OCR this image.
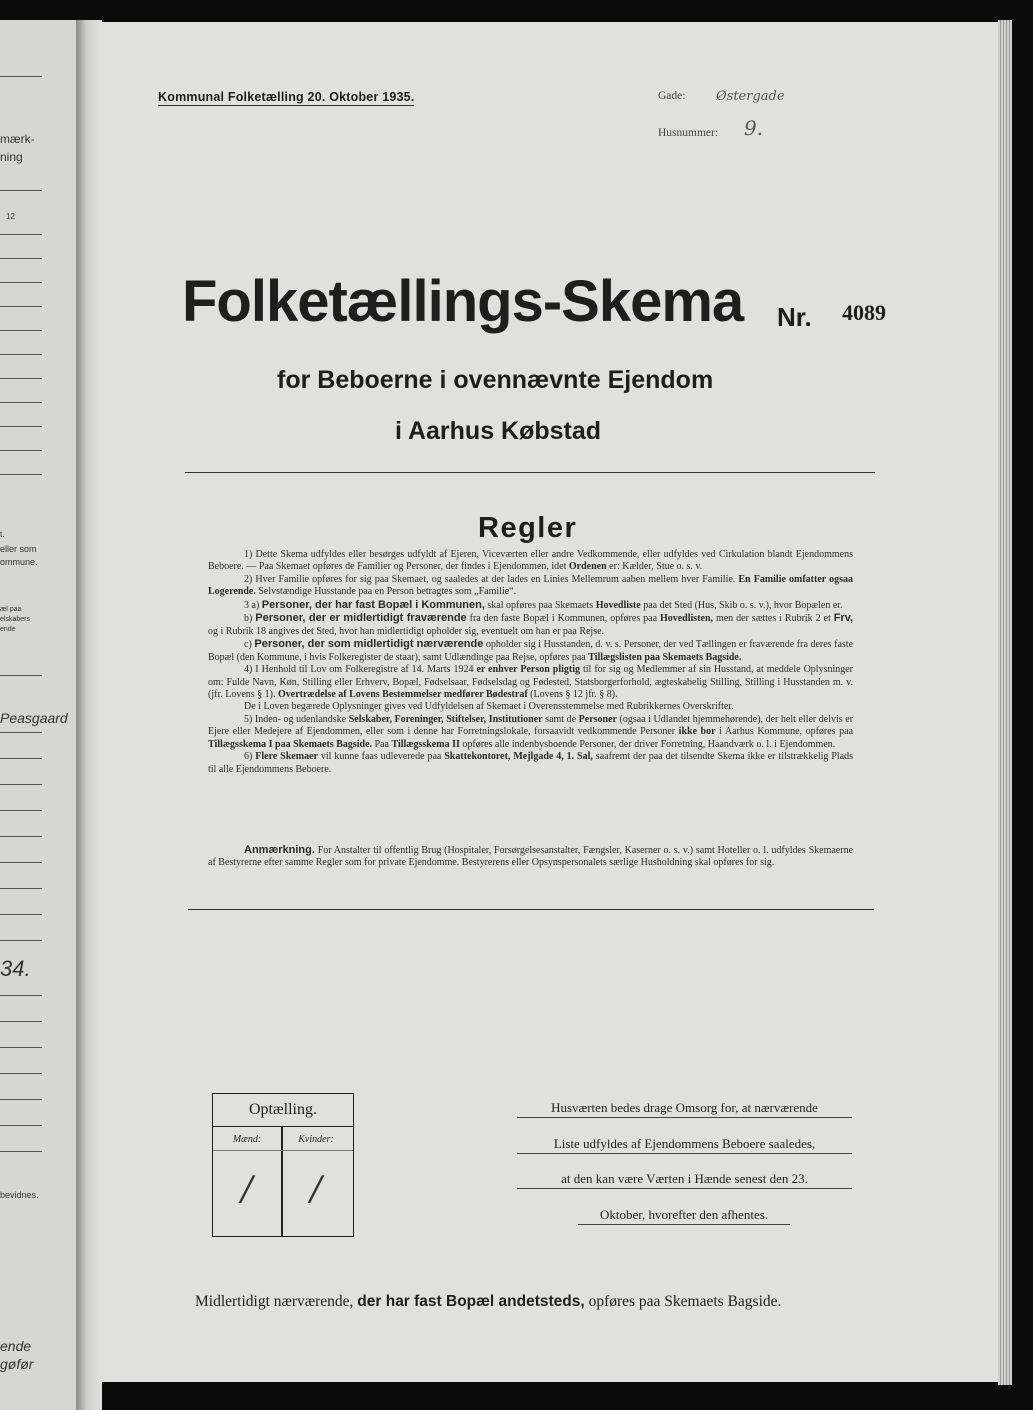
mærk-
ning
12
t.
eller som
ommune.
æl paa
elskabers
ende
Peasgaard
34.
bevidnes.
ende
gøfør
Kommunal Folketælling 20. Oktober 1935.	Gade: Østergade
Husnummer: 9.
Folketællings-Skema Nr. 4089
for Beboerne i ovennævnte Ejendom
i Aarhus Købstad
Regler

1) Dette Skema udfyldes eller besørges udfyldt af Ejeren, Viceværten eller andre Vedkommende, eller udfyldes ved Cirkulation blandt Ejendommens Beboere. — Paa Skemaet opføres de Familier og Personer, der findes i Ejendommen, idet Ordenen er: Kælder, Stue o. s. v.

2) Hver Familie opføres for sig paa Skemaet, og saaledes at der lades en Linies Mellemrum aaben mellem hver Familie. En Familie omfatter ogsaa Logerende. Selvstændige Husstande paa en Person betragtes som „Familie“.

3 a) Personer, der har fast Bopæl i Kommunen, skal opføres paa Skemaets Hovedliste paa det Sted (Hus, Skib o. s. v.), hvor Bopælen er.

b) Personer, der er midlertidigt fraværende fra den faste Bopæl i Kommunen, opføres paa Hovedlisten, men der sættes i Rubrik 2 et Frv, og i Rubrik 18 angives det Sted, hvor han midlertidigt opholder sig, eventuelt om han er paa Rejse.

c) Personer, der som midlertidigt nærværende opholder sig i Husstanden, d. v. s. Personer, der ved Tællingen er fraværende fra deres faste Bopæl (den Kommune, i hvis Folkeregister de staar), samt Udlændinge paa Rejse, opføres paa Tillægslisten paa Skemaets Bagside.

4) I Henhold til Lov om Folkeregistre af 14. Marts 1924 er enhver Person pligtig til for sig og Medlemmer af sin Husstand, at meddele Oplysninger om: Fulde Navn, Køn, Stilling eller Erhverv, Bopæl, Fødselsaar, Fødselsdag og Fødested, Statsborgerforhold, ægteskabelig Stilling, Stilling i Husstanden m. v. (jfr. Lovens § 1). Overtrædelse af Lovens Bestemmelser medfører Bødestraf (Lovens § 12 jfr. § 8).

De i Loven begærede Oplysninger gives ved Udfyldelsen af Skemaet i Overensstemmelse med Rubrikkernes Overskrifter.

5) Inden- og udenlandske Selskaber, Foreninger, Stiftelser, Institutioner samt de Personer (ogsaa i Udlandet hjemmehørende), der helt eller delvis er Ejere eller Medejere af Ejendommen, eller som i denne har Forretningslokale, forsaavidt vedkommende Personer ikke bor i Aarhus Kommune, opføres paa Tillægsskema I paa Skemaets Bagside. Paa Tillægsskema II opføres alle indenbysboende Personer, der driver Forretning, Haandværk o. l. i Ejendommen.

6) Flere Skemaer vil kunne faas udleverede paa Skattekontoret, Mejlgade 4, 1. Sal, saafremt der paa det tilsendte Skema ikke er tilstrækkelig Plads til alle Ejendommens Beboere.

Anmærkning. For Anstalter til offentlig Brug (Hospitaler, Forsørgelsesanstalter, Fængsler, Kaserner o. s. v.) samt Hoteller o. l. udfyldes Skemaerne af Bestyrerne efter samme Regler som for private Ejendomme. Bestyrerens eller Opsynspersonalets særlige Husholdning skal opføres for sig.
Optælling.
Mænd:	Kvinder:
/	/
Husværten bedes drage Omsorg for, at nærværende
Liste udfyldes af Ejendommens Beboere saaledes,
at den kan være Værten i Hænde senest den 23.
Oktober, hvorefter den afhentes.
Midlertidigt nærværende, der har fast Bopæl andetsteds, opføres paa Skemaets Bagside.
